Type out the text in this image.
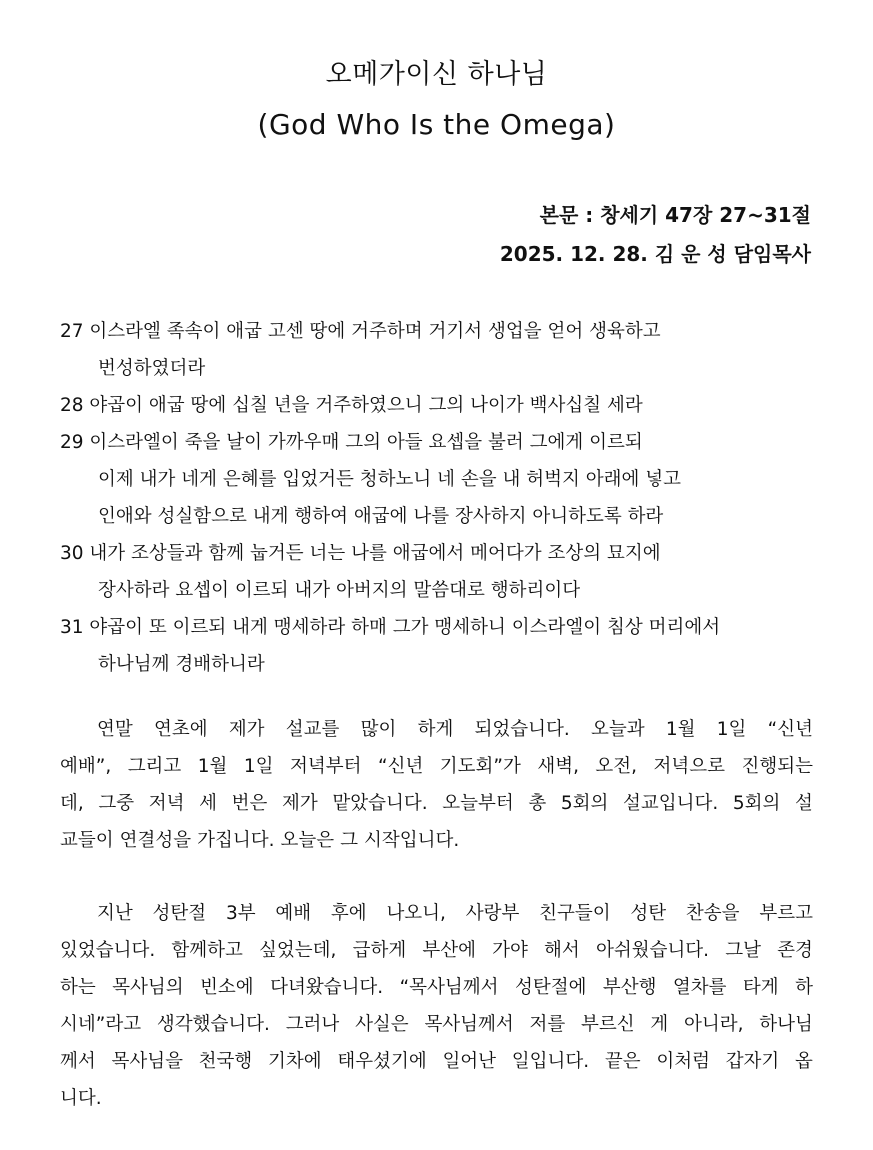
오메가이신 하나님
(God Who Is the Omega)
본문 : 창세기 47장 27~31절
2025. 12. 28. 김 운 성 담임목사
27 이스라엘 족속이 애굽 고센 땅에 거주하며 거기서 생업을 얻어 생육하고
번성하였더라
28 야곱이 애굽 땅에 십칠 년을 거주하였으니 그의 나이가 백사십칠 세라
29 이스라엘이 죽을 날이 가까우매 그의 아들 요셉을 불러 그에게 이르되
이제 내가 네게 은혜를 입었거든 청하노니 네 손을 내 허벅지 아래에 넣고
인애와 성실함으로 내게 행하여 애굽에 나를 장사하지 아니하도록 하라
30 내가 조상들과 함께 눕거든 너는 나를 애굽에서 메어다가 조상의 묘지에
장사하라 요셉이 이르되 내가 아버지의 말씀대로 행하리이다
31 야곱이 또 이르되 내게 맹세하라 하매 그가 맹세하니 이스라엘이 침상 머리에서
하나님께 경배하니라
　　연말 연초에 제가 설교를 많이 하게 되었습니다. 오늘과 1월 1일 “신년
예배”, 그리고 1월 1일 저녁부터 “신년 기도회”가 새벽, 오전, 저녁으로 진행되는
데, 그중 저녁 세 번은 제가 맡았습니다. 오늘부터 총 5회의 설교입니다. 5회의 설
교들이 연결성을 가집니다. 오늘은 그 시작입니다.
　　지난 성탄절 3부 예배 후에 나오니, 사랑부 친구들이 성탄 찬송을 부르고
있었습니다. 함께하고 싶었는데, 급하게 부산에 가야 해서 아쉬웠습니다. 그날 존경
하는 목사님의 빈소에 다녀왔습니다. “목사님께서 성탄절에 부산행 열차를 타게 하
시네”라고 생각했습니다. 그러나 사실은 목사님께서 저를 부르신 게 아니라, 하나님
께서 목사님을 천국행 기차에 태우셨기에 일어난 일입니다. 끝은 이처럼 갑자기 옵
니다.
